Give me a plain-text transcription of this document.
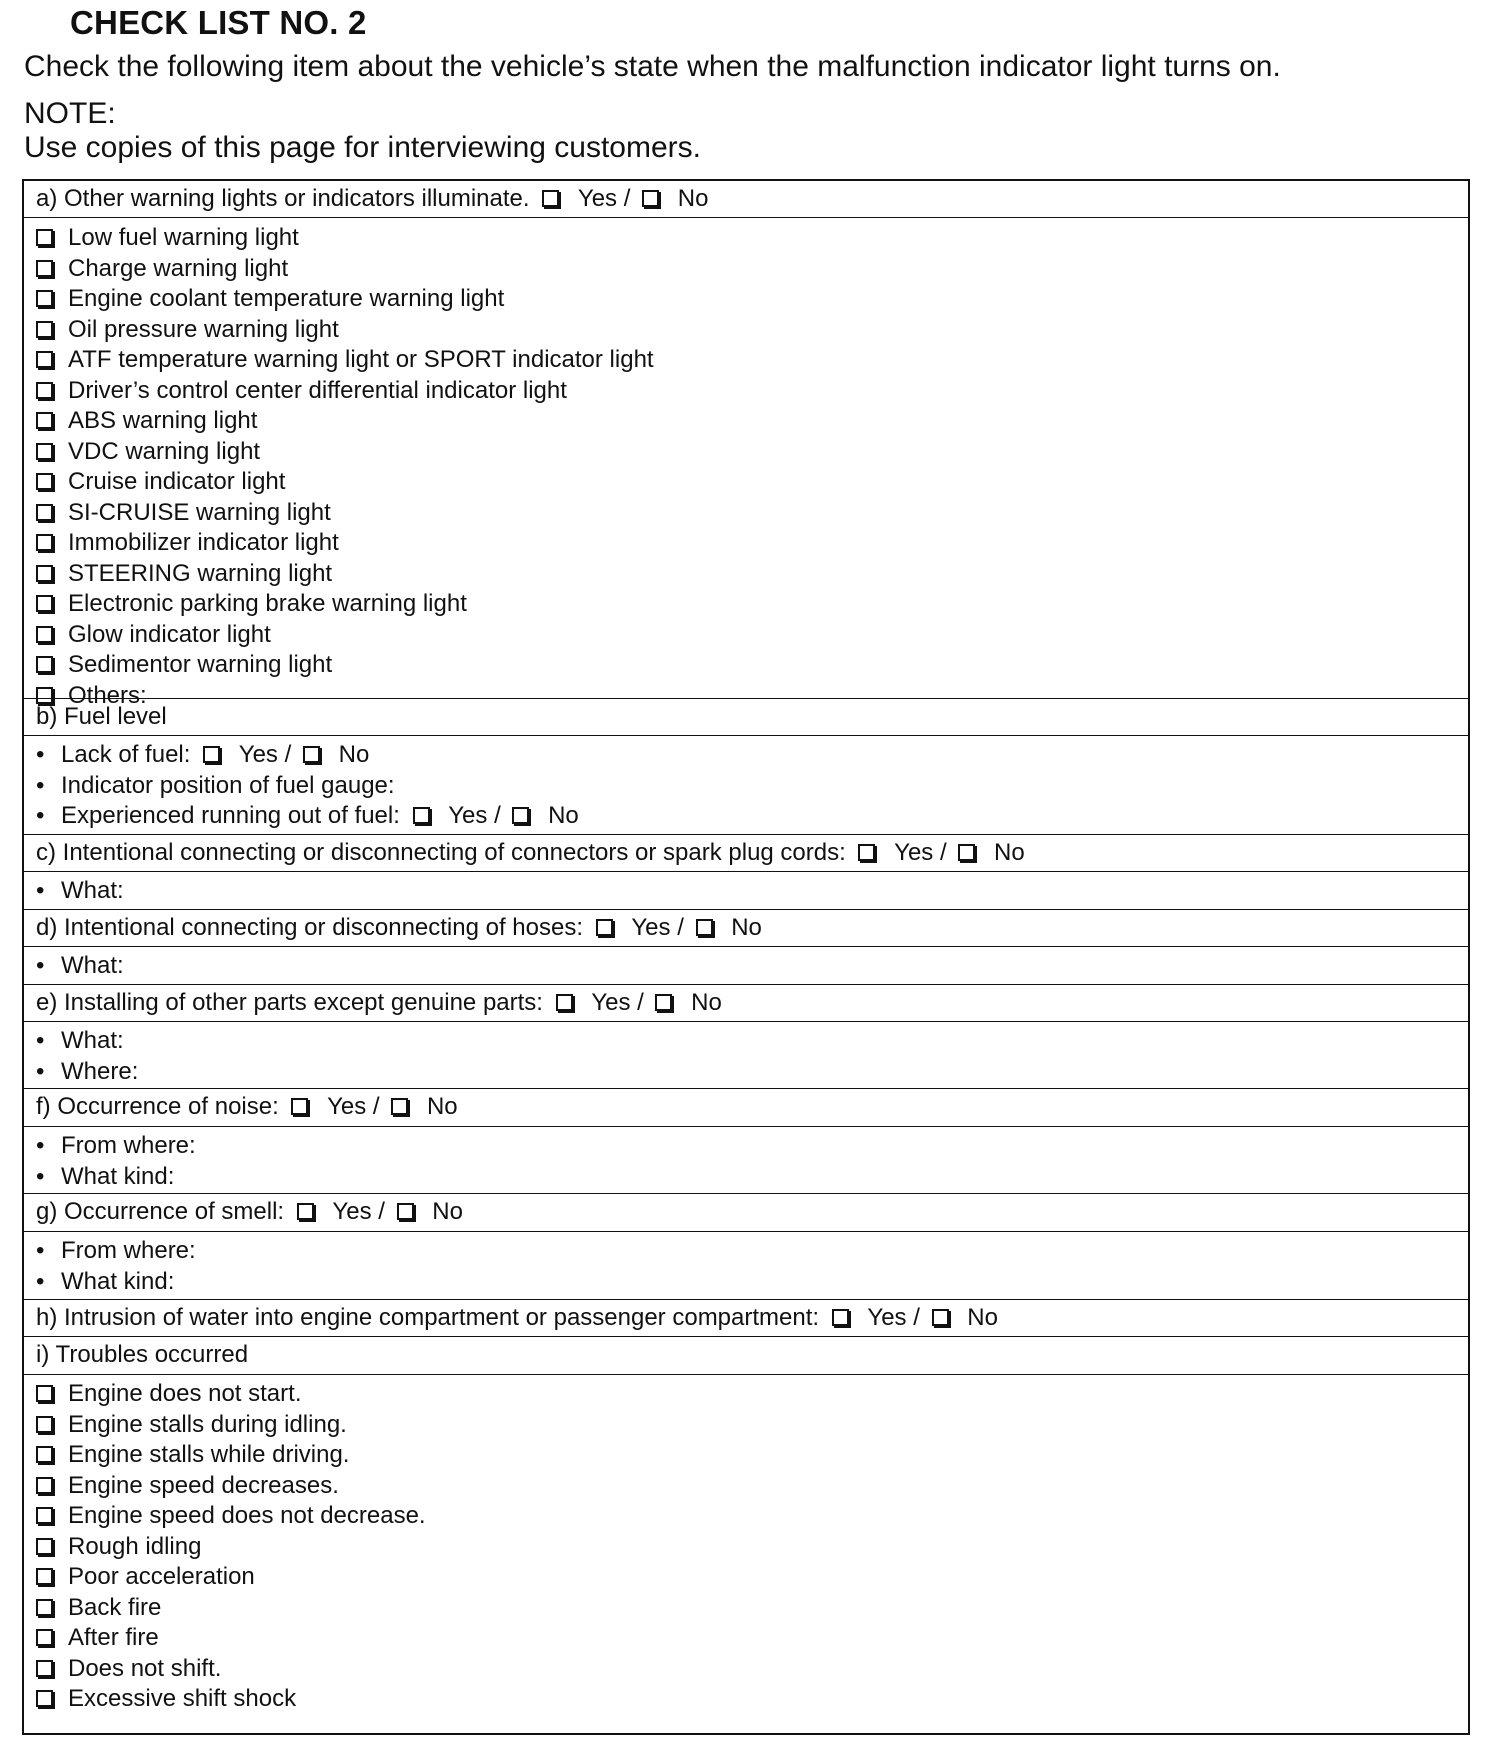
CHECK LIST NO. 2
Check the following item about the vehicle’s state when the malfunction indicator light turns on.
NOTE:
Use copies of this page for interviewing customers.
a) Other warning lights or indicators illuminate. Yes / No
Low fuel warning light
Charge warning light
Engine coolant temperature warning light
Oil pressure warning light
ATF temperature warning light or SPORT indicator light
Driver’s control center differential indicator light
ABS warning light
VDC warning light
Cruise indicator light
SI-CRUISE warning light
Immobilizer indicator light
STEERING warning light
Electronic parking brake warning light
Glow indicator light
Sedimentor warning light
Others:
b) Fuel level
• Lack of fuel: Yes / No
• Indicator position of fuel gauge:
• Experienced running out of fuel: Yes / No
c) Intentional connecting or disconnecting of connectors or spark plug cords: Yes / No
• What:
d) Intentional connecting or disconnecting of hoses: Yes / No
• What:
e) Installing of other parts except genuine parts: Yes / No
• What:
• Where:
f) Occurrence of noise: Yes / No
• From where:
• What kind:
g) Occurrence of smell: Yes / No
• From where:
• What kind:
h) Intrusion of water into engine compartment or passenger compartment: Yes / No
i) Troubles occurred
Engine does not start.
Engine stalls during idling.
Engine stalls while driving.
Engine speed decreases.
Engine speed does not decrease.
Rough idling
Poor acceleration
Back fire
After fire
Does not shift.
Excessive shift shock
